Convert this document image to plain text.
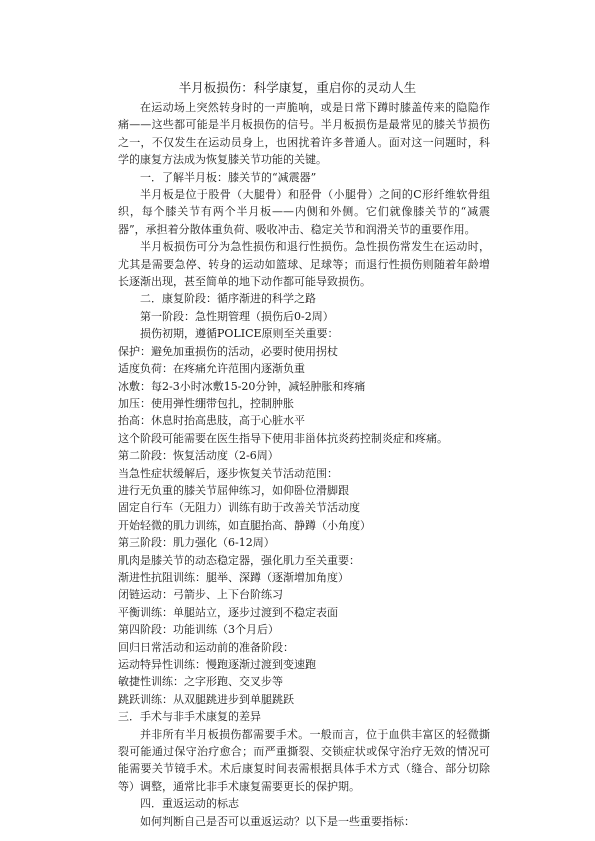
半月板损伤：科学康复，重启你的灵动人生

在运动场上突然转身时的一声脆响，或是日常下蹲时膝盖传来的隐隐作痛——这些都可能是半月板损伤的信号。半月板损伤是最常见的膝关节损伤之一，不仅发生在运动员身上，也困扰着许多普通人。面对这一问题时，科学的康复方法成为恢复膝关节功能的关键。

一．了解半月板：膝关节的“减震器”

半月板是位于股骨（大腿骨）和胫骨（小腿骨）之间的C形纤维软骨组织，每个膝关节有两个半月板——内侧和外侧。它们就像膝关节的“减震器”，承担着分散体重负荷、吸收冲击、稳定关节和润滑关节的重要作用。

半月板损伤可分为急性损伤和退行性损伤。急性损伤常发生在运动时，尤其是需要急停、转身的运动如篮球、足球等；而退行性损伤则随着年龄增长逐渐出现，甚至简单的地下动作都可能导致损伤。

二．康复阶段：循序渐进的科学之路

第一阶段：急性期管理（损伤后0-2周）

损伤初期，遵循POLICE原则至关重要：

保护：避免加重损伤的活动，必要时使用拐杖

适度负荷：在疼痛允许范围内逐渐负重

冰敷：每2-3小时冰敷15-20分钟，减轻肿胀和疼痛

加压：使用弹性绷带包扎，控制肿胀

抬高：休息时抬高患肢，高于心脏水平

这个阶段可能需要在医生指导下使用非甾体抗炎药控制炎症和疼痛。

第二阶段：恢复活动度（2-6周）

当急性症状缓解后，逐步恢复关节活动范围：

进行无负重的膝关节屈伸练习，如仰卧位滑脚跟

固定自行车（无阻力）训练有助于改善关节活动度

开始轻微的肌力训练，如直腿抬高、静蹲（小角度）

第三阶段：肌力强化（6-12周）

肌肉是膝关节的动态稳定器，强化肌力至关重要：

渐进性抗阻训练：腿举、深蹲（逐渐增加角度）

闭链运动：弓箭步、上下台阶练习

平衡训练：单腿站立，逐步过渡到不稳定表面

第四阶段：功能训练（3个月后）

回归日常活动和运动前的准备阶段：

运动特异性训练：慢跑逐渐过渡到变速跑

敏捷性训练：之字形跑、交叉步等

跳跃训练：从双腿跳进步到单腿跳跃

三．手术与非手术康复的差异

并非所有半月板损伤都需要手术。一般而言，位于血供丰富区的轻微撕裂可能通过保守治疗愈合；而严重撕裂、交锁症状或保守治疗无效的情况可能需要关节镜手术。术后康复时间表需根据具体手术方式（缝合、部分切除等）调整，通常比非手术康复需要更长的保护期。

四．重返运动的标志

如何判断自己是否可以重返运动？以下是一些重要指标：
